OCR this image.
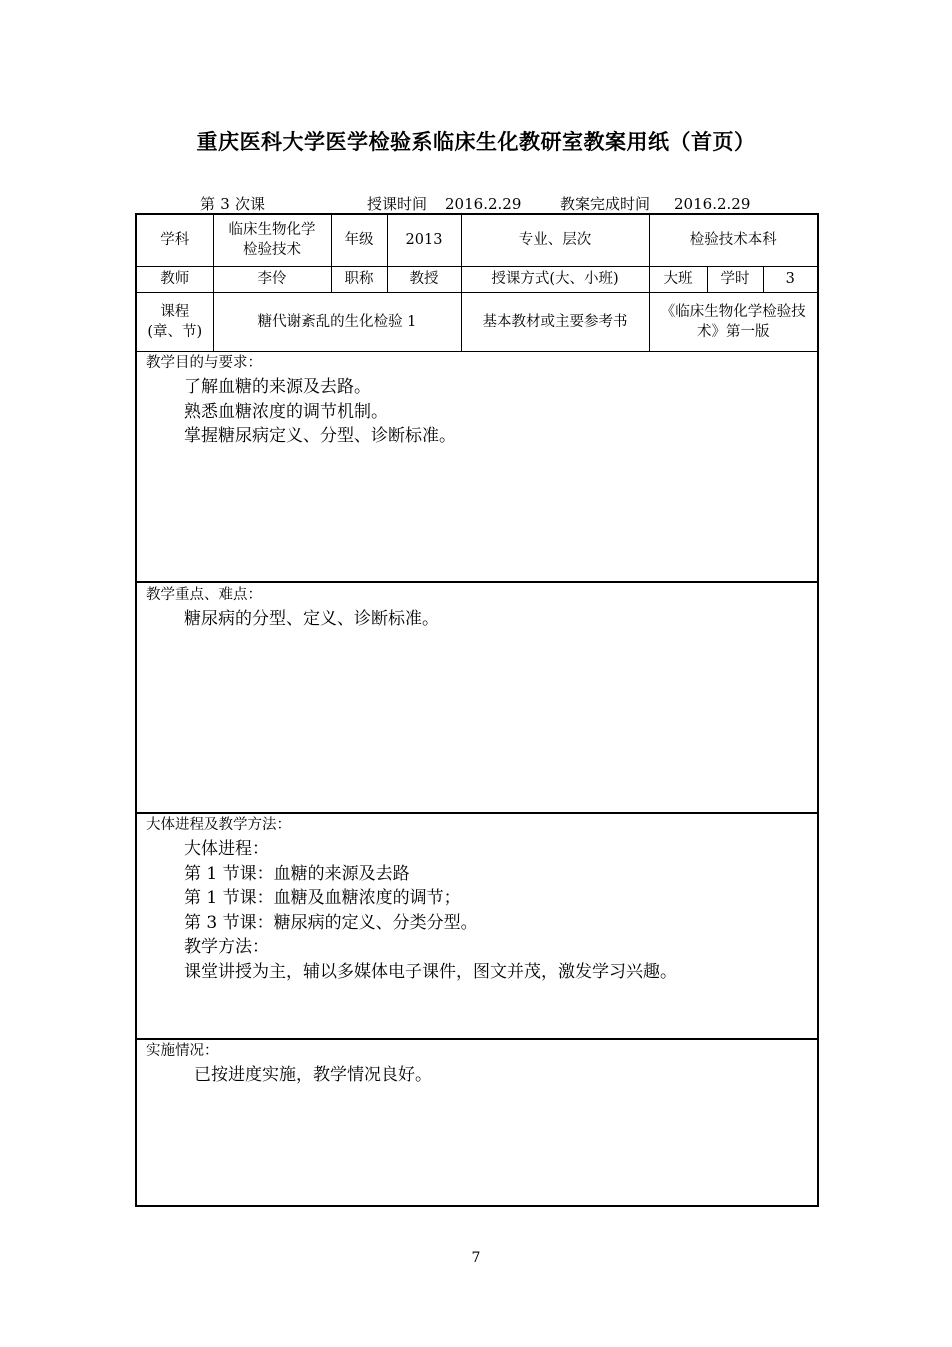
重庆医科大学医学检验系临床生化教研室教案用纸（首页）
第 3 次课	授课时间 2016.2.29	教案完成时间 2016.2.29
学科	临床生物化学检验技术	年级	2013	专业、层次	检验技术本科		
教师	李伶	职称	教授	授课方式(大、小班)	大班	学时	3
课程(章、节)	糖代谢紊乱的生化检验 1			基本教材或主要参考书	《临床生物化学检验技术》第一版		
教学目的与要求：
了解血糖的来源及去路。
熟悉血糖浓度的调节机制。
掌握糖尿病定义、分型、诊断标准。
教学重点、难点：
糖尿病的分型、定义、诊断标准。
大体进程及教学方法：
大体进程：
第 1 节课：血糖的来源及去路
第 1 节课：血糖及血糖浓度的调节；
第 3 节课：糖尿病的定义、分类分型。
教学方法：
课堂讲授为主，辅以多媒体电子课件，图文并茂，激发学习兴趣。
实施情况：
已按进度实施，教学情况良好。
7
